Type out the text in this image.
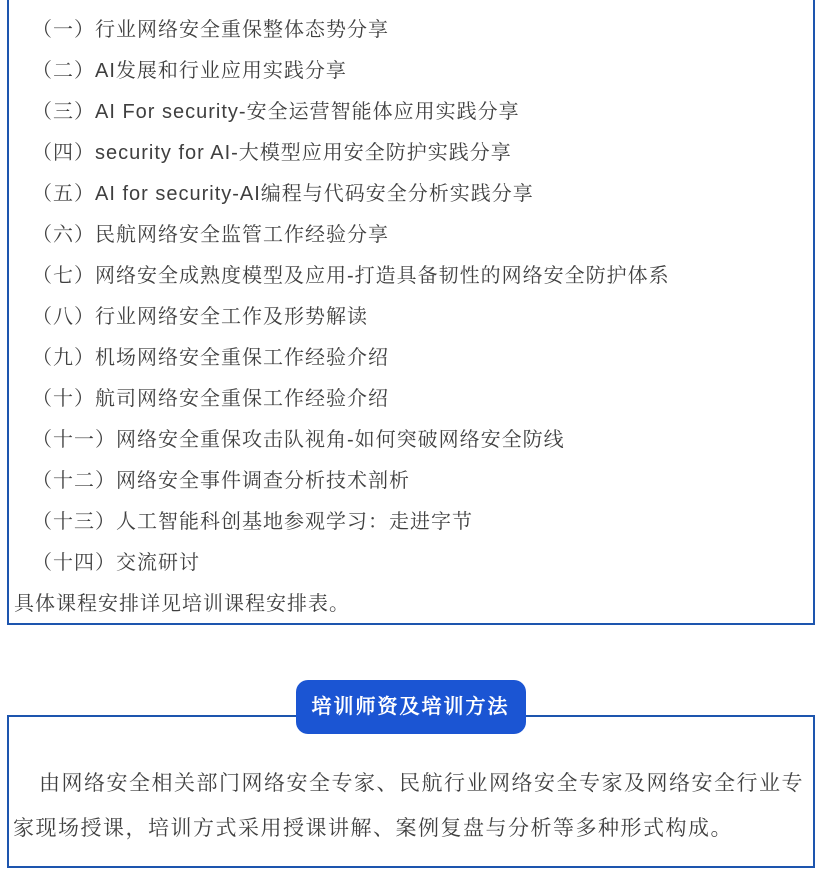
（一）行业网络安全重保整体态势分享
（二）AI发展和行业应用实践分享
（三）AI For security-安全运营智能体应用实践分享
（四）security for AI-大模型应用安全防护实践分享
（五）AI for security-AI编程与代码安全分析实践分享
（六）民航网络安全监管工作经验分享
（七）网络安全成熟度模型及应用-打造具备韧性的网络安全防护体系
（八）行业网络安全工作及形势解读
（九）机场网络安全重保工作经验介绍
（十）航司网络安全重保工作经验介绍
（十一）网络安全重保攻击队视角-如何突破网络安全防线
（十二）网络安全事件调查分析技术剖析
（十三）人工智能科创基地参观学习：走进字节
（十四）交流研讨
具体课程安排详见培训课程安排表。
培训师资及培训方法

由网络安全相关部门网络安全专家、民航行业网络安全专家及网络安全行业专家现场授课，培训方式采用授课讲解、案例复盘与分析等多种形式构成。
